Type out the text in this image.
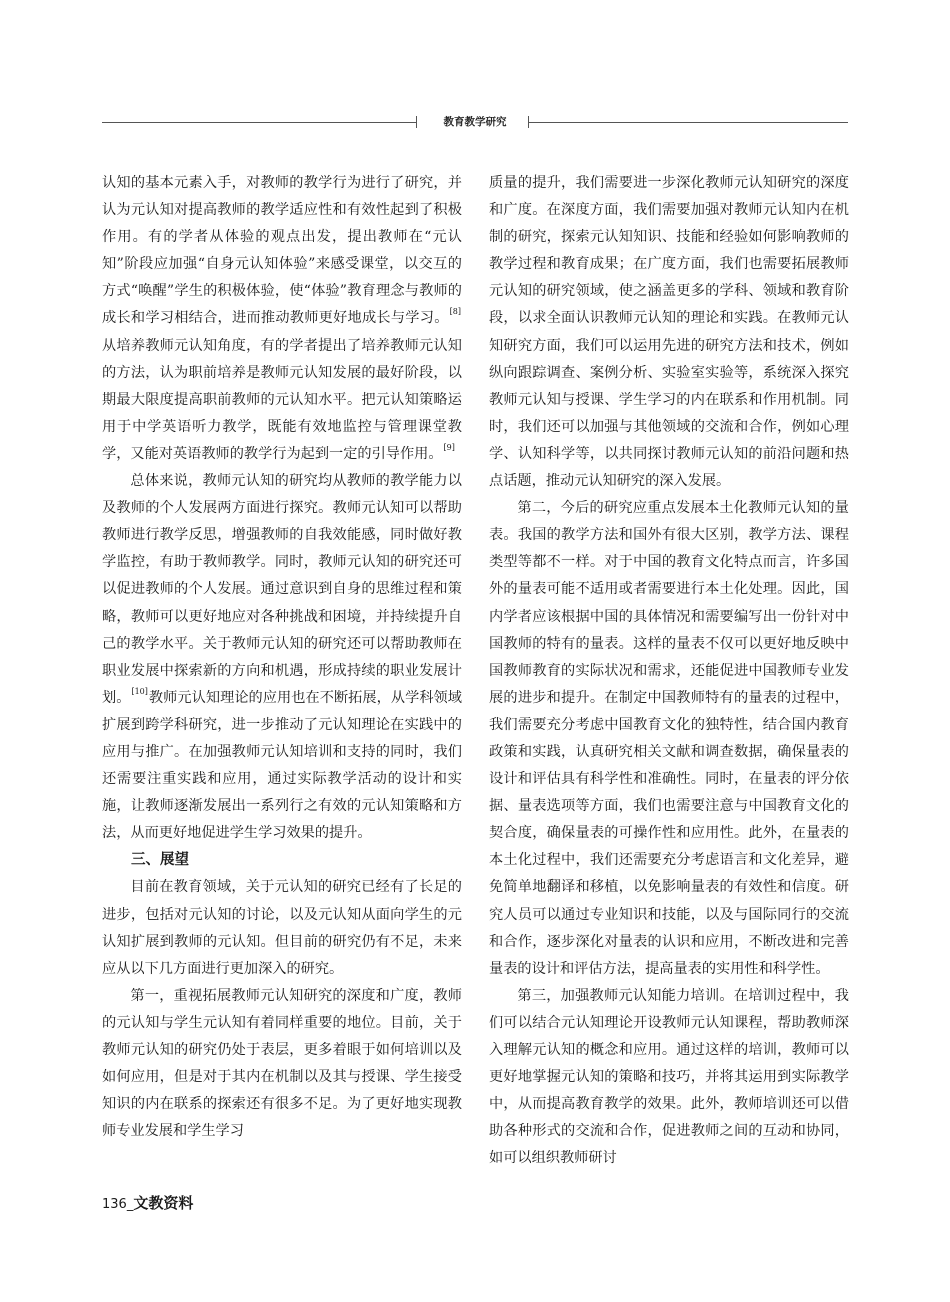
教育教学研究

认知的基本元素入手，对教师的教学行为进行了研究，并认为元认知对提高教师的教学适应性和有效性起到了积极作用。有的学者从体验的观点出发，提出教师在“元认知”阶段应加强“自身元认知体验”来感受课堂，以交互的方式“唤醒”学生的积极体验，使“体验”教育理念与教师的成长和学习相结合，进而推动教师更好地成长与学习。[8]从培养教师元认知角度，有的学者提出了培养教师元认知的方法，认为职前培养是教师元认知发展的最好阶段，以期最大限度提高职前教师的元认知水平。把元认知策略运用于中学英语听力教学，既能有效地监控与管理课堂教学，又能对英语教师的教学行为起到一定的引导作用。[9]

总体来说，教师元认知的研究均从教师的教学能力以及教师的个人发展两方面进行探究。教师元认知可以帮助教师进行教学反思，增强教师的自我效能感，同时做好教学监控，有助于教师教学。同时，教师元认知的研究还可以促进教师的个人发展。通过意识到自身的思维过程和策略，教师可以更好地应对各种挑战和困境，并持续提升自己的教学水平。关于教师元认知的研究还可以帮助教师在职业发展中探索新的方向和机遇，形成持续的职业发展计划。[10]教师元认知理论的应用也在不断拓展，从学科领域扩展到跨学科研究，进一步推动了元认知理论在实践中的应用与推广。在加强教师元认知培训和支持的同时，我们还需要注重实践和应用，通过实际教学活动的设计和实施，让教师逐渐发展出一系列行之有效的元认知策略和方法，从而更好地促进学生学习效果的提升。

三、展望

目前在教育领域，关于元认知的研究已经有了长足的进步，包括对元认知的讨论，以及元认知从面向学生的元认知扩展到教师的元认知。但目前的研究仍有不足，未来应从以下几方面进行更加深入的研究。

第一，重视拓展教师元认知研究的深度和广度，教师的元认知与学生元认知有着同样重要的地位。目前，关于教师元认知的研究仍处于表层，更多着眼于如何培训以及如何应用，但是对于其内在机制以及其与授课、学生接受知识的内在联系的探索还有很多不足。为了更好地实现教师专业发展和学生学习

质量的提升，我们需要进一步深化教师元认知研究的深度和广度。在深度方面，我们需要加强对教师元认知内在机制的研究，探索元认知知识、技能和经验如何影响教师的教学过程和教育成果；在广度方面，我们也需要拓展教师元认知的研究领域，使之涵盖更多的学科、领域和教育阶段，以求全面认识教师元认知的理论和实践。在教师元认知研究方面，我们可以运用先进的研究方法和技术，例如纵向跟踪调查、案例分析、实验室实验等，系统深入探究教师元认知与授课、学生学习的内在联系和作用机制。同时，我们还可以加强与其他领域的交流和合作，例如心理学、认知科学等，以共同探讨教师元认知的前沿问题和热点话题，推动元认知研究的深入发展。

第二，今后的研究应重点发展本土化教师元认知的量表。我国的教学方法和国外有很大区别，教学方法、课程类型等都不一样。对于中国的教育文化特点而言，许多国外的量表可能不适用或者需要进行本土化处理。因此，国内学者应该根据中国的具体情况和需要编写出一份针对中国教师的特有的量表。这样的量表不仅可以更好地反映中国教师教育的实际状况和需求，还能促进中国教师专业发展的进步和提升。在制定中国教师特有的量表的过程中，我们需要充分考虑中国教育文化的独特性，结合国内教育政策和实践，认真研究相关文献和调查数据，确保量表的设计和评估具有科学性和准确性。同时，在量表的评分依据、量表选项等方面，我们也需要注意与中国教育文化的契合度，确保量表的可操作性和应用性。此外，在量表的本土化过程中，我们还需要充分考虑语言和文化差异，避免简单地翻译和移植，以免影响量表的有效性和信度。研究人员可以通过专业知识和技能，以及与国际同行的交流和合作，逐步深化对量表的认识和应用，不断改进和完善量表的设计和评估方法，提高量表的实用性和科学性。

第三，加强教师元认知能力培训。在培训过程中，我们可以结合元认知理论开设教师元认知课程，帮助教师深入理解元认知的概念和应用。通过这样的培训，教师可以更好地掌握元认知的策略和技巧，并将其运用到实际教学中，从而提高教育教学的效果。此外，教师培训还可以借助各种形式的交流和合作，促进教师之间的互动和协同，如可以组织教师研讨

136_文教资料
